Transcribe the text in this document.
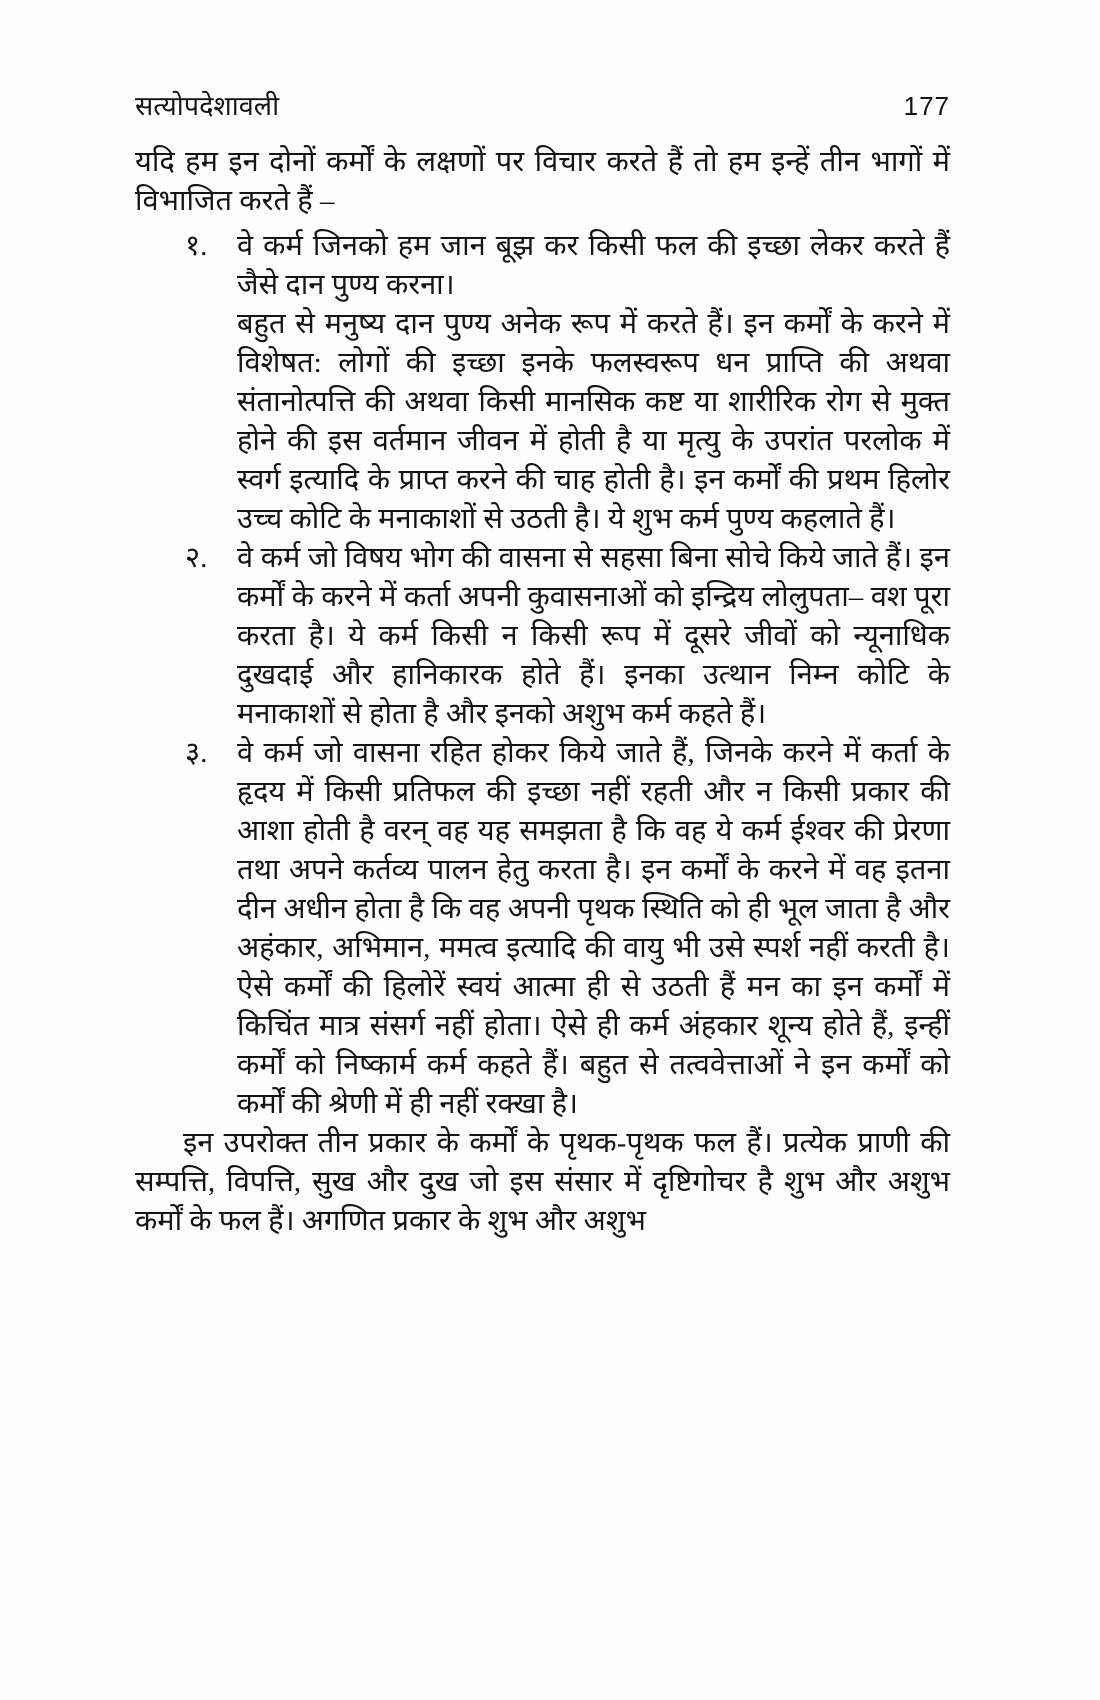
सत्योपदेशावली	177

यदि हम इन दोनों कर्मों के लक्षणों पर विचार करते हैं तो हम इन्हें तीन भागों में विभाजित करते हैं –

१.	वे कर्म जिनको हम जान बूझ कर किसी फल की इच्छा लेकर करते हैं जैसे दान पुण्य करना।

बहुत से मनुष्य दान पुण्य अनेक रूप में करते हैं। इन कर्मों के करने में विशेषत: लोगों की इच्छा इनके फलस्वरूप धन प्राप्ति की अथवा संतानोत्पत्ति की अथवा किसी मानसिक कष्ट या शारीरिक रोग से मुक्त होने की इस वर्तमान जीवन में होती है या मृत्यु के उपरांत परलोक में स्वर्ग इत्यादि के प्राप्त करने की चाह होती है। इन कर्मों की प्रथम हिलोर उच्च कोटि के मनाकाशों से उठती है। ये शुभ कर्म पुण्य कहलाते हैं।

२.	वे कर्म जो विषय भोग की वासना से सहसा बिना सोचे किये जाते हैं। इन कर्मों के करने में कर्ता अपनी कुवासनाओं को इन्द्रिय लोलुपता– वश पूरा करता है। ये कर्म किसी न किसी रूप में दूसरे जीवों को न्यूनाधिक दुखदाई और हानिकारक होते हैं। इनका उत्थान निम्न कोटि के मनाकाशों से होता है और इनको अशुभ कर्म कहते हैं।

३.	वे कर्म जो वासना रहित होकर किये जाते हैं, जिनके करने में कर्ता के हृदय में किसी प्रतिफल की इच्छा नहीं रहती और न किसी प्रकार की आशा होती है वरन् वह यह समझता है कि वह ये कर्म ईश्वर की प्रेरणा तथा अपने कर्तव्य पालन हेतु करता है। इन कर्मों के करने में वह इतना दीन अधीन होता है कि वह अपनी पृथक स्थिति को ही भूल जाता है और अहंकार, अभिमान, ममत्व इत्यादि की वायु भी उसे स्पर्श नहीं करती है। ऐसे कर्मों की हिलोरें स्वयं आत्मा ही से उठती हैं मन का इन कर्मों में किचिंत मात्र संसर्ग नहीं होता। ऐसे ही कर्म अंहकार शून्य होते हैं, इन्हीं कर्मों को निष्कार्म कर्म कहते हैं। बहुत से तत्ववेत्ताओं ने इन कर्मों को कर्मों की श्रेणी में ही नहीं रक्खा है।

इन उपरोक्त तीन प्रकार के कर्मों के पृथक-पृथक फल हैं। प्रत्येक प्राणी की सम्पत्ति, विपत्ति, सुख और दुख जो इस संसार में दृष्टिगोचर है शुभ और अशुभ कर्मों के फल हैं। अगणित प्रकार के शुभ और अशुभ
